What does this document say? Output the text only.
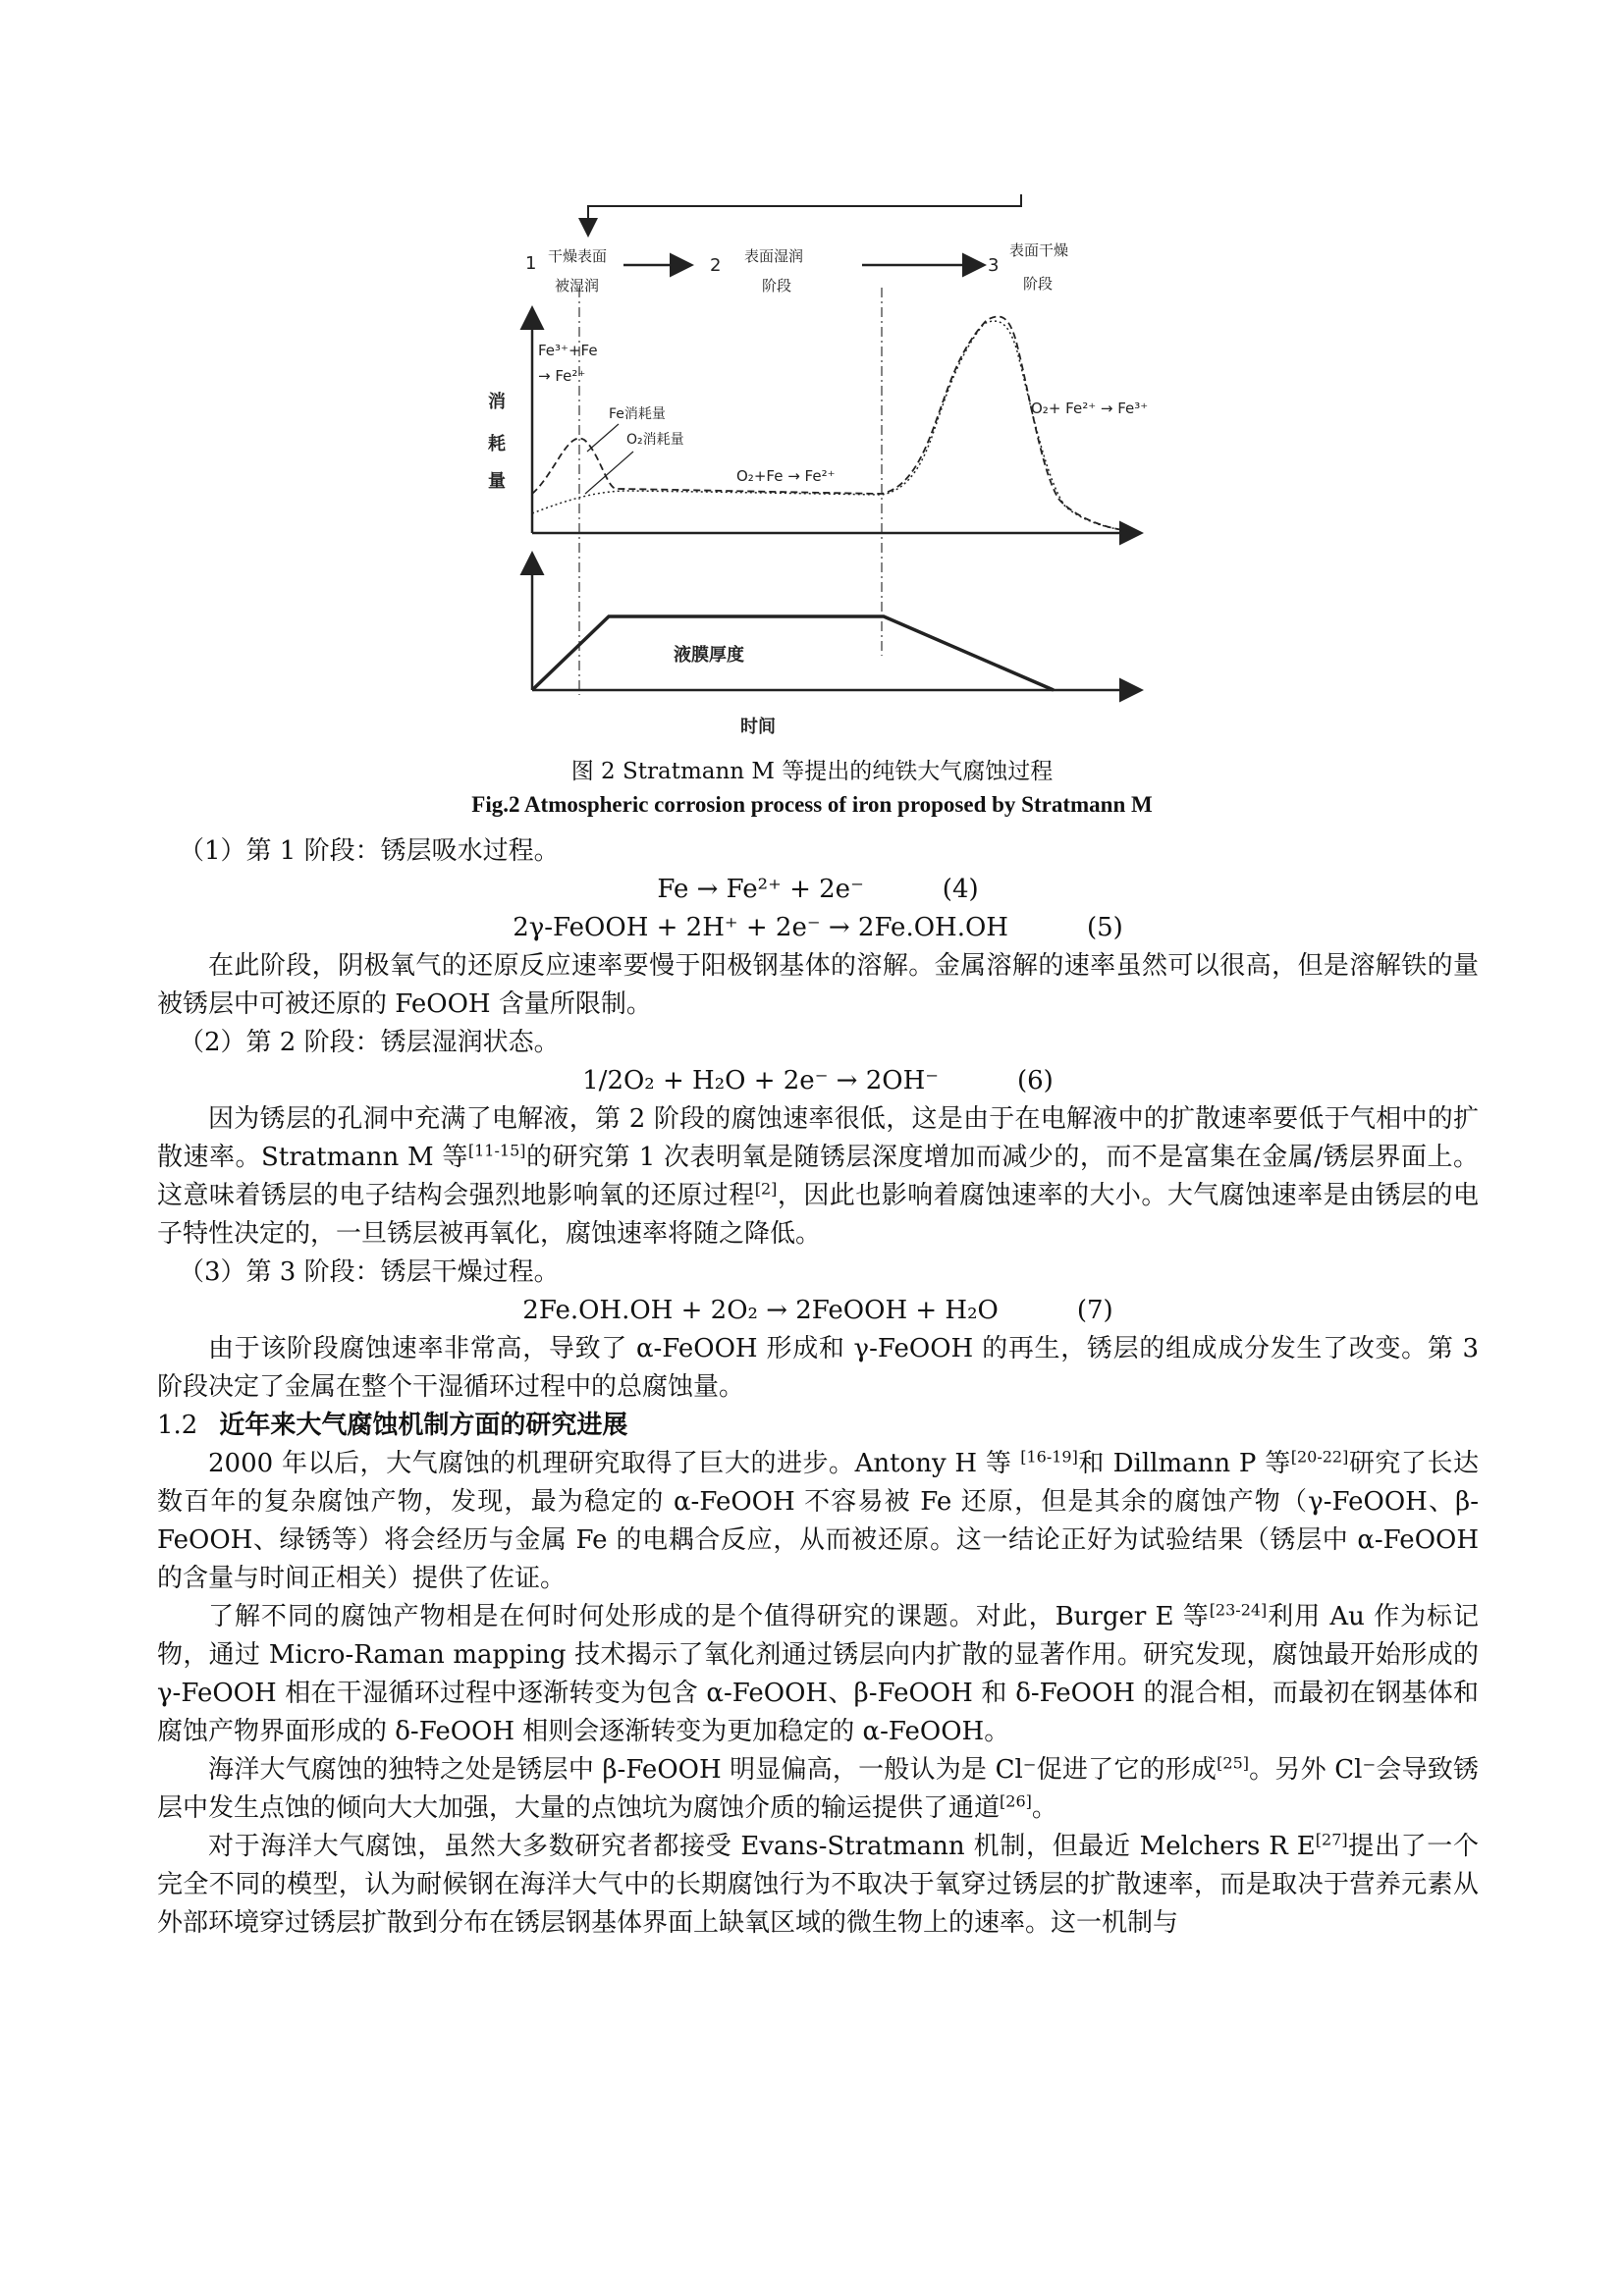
1 干燥表面
被湿润
2 表面湿润
阶段
3
表面干燥
阶段
消
耗
量
Fe³⁺+Fe
→ Fe²⁺
Fe消耗量
O₂消耗量
O₂+Fe → Fe²⁺
O₂+ Fe²⁺ → Fe³⁺
液膜厚度
时间
图 2 Stratmann M 等提出的纯铁大气腐蚀过程
Fig.2 Atmospheric corrosion process of iron proposed by Stratmann M

（1）第 1 阶段：锈层吸水过程。

Fe → Fe²⁺ + 2e⁻	(4)
2γ-FeOOH + 2H⁺ + 2e⁻ → 2Fe.OH.OH	(5)

在此阶段，阴极氧气的还原反应速率要慢于阳极钢基体的溶解。金属溶解的速率虽然可以很高，但是溶解铁的量被锈层中可被还原的 FeOOH 含量所限制。

（2）第 2 阶段：锈层湿润状态。

1/2O₂ + H₂O + 2e⁻ → 2OH⁻	(6)

因为锈层的孔洞中充满了电解液，第 2 阶段的腐蚀速率很低，这是由于在电解液中的扩散速率要低于气相中的扩散速率。Stratmann M 等[11-15]的研究第 1 次表明氧是随锈层深度增加而减少的，而不是富集在金属/锈层界面上。这意味着锈层的电子结构会强烈地影响氧的还原过程[2]，因此也影响着腐蚀速率的大小。大气腐蚀速率是由锈层的电子特性决定的，一旦锈层被再氧化，腐蚀速率将随之降低。

（3）第 3 阶段：锈层干燥过程。

2Fe.OH.OH + 2O₂ → 2FeOOH + H₂O	(7)

由于该阶段腐蚀速率非常高，导致了 α-FeOOH 形成和 γ-FeOOH 的再生，锈层的组成成分发生了改变。第 3 阶段决定了金属在整个干湿循环过程中的总腐蚀量。

1.2 近年来大气腐蚀机制方面的研究进展

2000 年以后，大气腐蚀的机理研究取得了巨大的进步。Antony H 等 [16-19]和 Dillmann P 等[20-22]研究了长达数百年的复杂腐蚀产物，发现，最为稳定的 α-FeOOH 不容易被 Fe 还原，但是其余的腐蚀产物（γ-FeOOH、β-FeOOH、绿锈等）将会经历与金属 Fe 的电耦合反应，从而被还原。这一结论正好为试验结果（锈层中 α-FeOOH 的含量与时间正相关）提供了佐证。

了解不同的腐蚀产物相是在何时何处形成的是个值得研究的课题。对此，Burger E 等[23-24]利用 Au 作为标记物，通过 Micro-Raman mapping 技术揭示了氧化剂通过锈层向内扩散的显著作用。研究发现，腐蚀最开始形成的 γ-FeOOH 相在干湿循环过程中逐渐转变为包含 α-FeOOH、β-FeOOH 和 δ-FeOOH 的混合相，而最初在钢基体和腐蚀产物界面形成的 δ-FeOOH 相则会逐渐转变为更加稳定的 α-FeOOH。

海洋大气腐蚀的独特之处是锈层中 β-FeOOH 明显偏高，一般认为是 Cl⁻促进了它的形成[25]。另外 Cl⁻会导致锈层中发生点蚀的倾向大大加强，大量的点蚀坑为腐蚀介质的输运提供了通道[26]。

对于海洋大气腐蚀，虽然大多数研究者都接受 Evans-Stratmann 机制，但最近 Melchers R E[27]提出了一个完全不同的模型，认为耐候钢在海洋大气中的长期腐蚀行为不取决于氧穿过锈层的扩散速率，而是取决于营养元素从外部环境穿过锈层扩散到分布在锈层钢基体界面上缺氧区域的微生物上的速率。这一机制与
